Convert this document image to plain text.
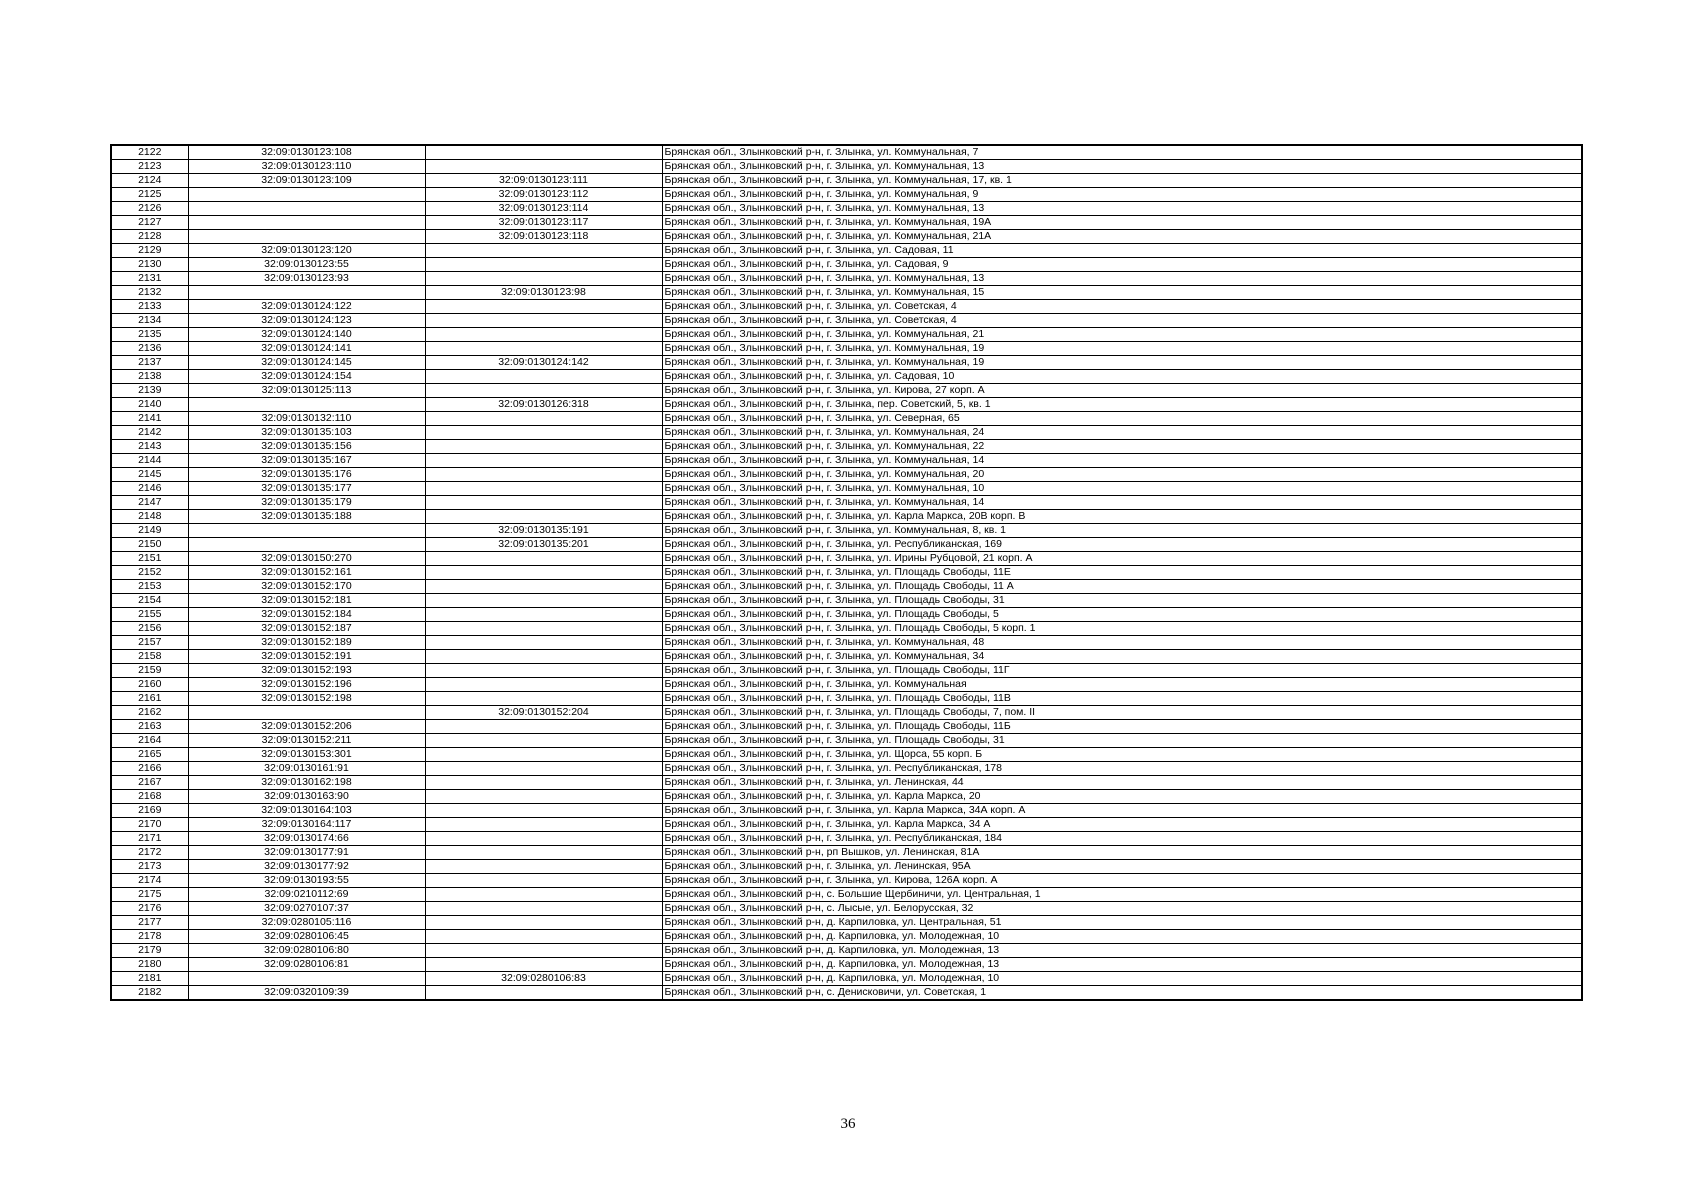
2122	32:09:0130123:108		Брянская обл., Злынковский р-н, г. Злынка, ул. Коммунальная, 7
2123	32:09:0130123:110		Брянская обл., Злынковский р-н, г. Злынка, ул. Коммунальная, 13
2124	32:09:0130123:109	32:09:0130123:111	Брянская обл., Злынковский р-н, г. Злынка, ул. Коммунальная, 17, кв. 1
2125		32:09:0130123:112	Брянская обл., Злынковский р-н, г. Злынка, ул. Коммунальная, 9
2126		32:09:0130123:114	Брянская обл., Злынковский р-н, г. Злынка, ул. Коммунальная, 13
2127		32:09:0130123:117	Брянская обл., Злынковский р-н, г. Злынка, ул. Коммунальная, 19А
2128		32:09:0130123:118	Брянская обл., Злынковский р-н, г. Злынка, ул. Коммунальная, 21А
2129	32:09:0130123:120		Брянская обл., Злынковский р-н, г. Злынка, ул. Садовая, 11
2130	32:09:0130123:55		Брянская обл., Злынковский р-н, г. Злынка, ул. Садовая, 9
2131	32:09:0130123:93		Брянская обл., Злынковский р-н, г. Злынка, ул. Коммунальная, 13
2132		32:09:0130123:98	Брянская обл., Злынковский р-н, г. Злынка, ул. Коммунальная, 15
2133	32:09:0130124:122		Брянская обл., Злынковский р-н, г. Злынка, ул. Советская, 4
2134	32:09:0130124:123		Брянская обл., Злынковский р-н, г. Злынка, ул. Советская, 4
2135	32:09:0130124:140		Брянская обл., Злынковский р-н, г. Злынка, ул. Коммунальная, 21
2136	32:09:0130124:141		Брянская обл., Злынковский р-н, г. Злынка, ул. Коммунальная, 19
2137	32:09:0130124:145	32:09:0130124:142	Брянская обл., Злынковский р-н, г. Злынка, ул. Коммунальная, 19
2138	32:09:0130124:154		Брянская обл., Злынковский р-н, г. Злынка, ул. Садовая, 10
2139	32:09:0130125:113		Брянская обл., Злынковский р-н, г. Злынка, ул. Кирова, 27 корп. А
2140		32:09:0130126:318	Брянская обл., Злынковский р-н, г. Злынка, пер. Советский, 5, кв. 1
2141	32:09:0130132:110		Брянская обл., Злынковский р-н, г. Злынка, ул. Северная, 65
2142	32:09:0130135:103		Брянская обл., Злынковский р-н, г. Злынка, ул. Коммунальная, 24
2143	32:09:0130135:156		Брянская обл., Злынковский р-н, г. Злынка, ул. Коммунальная, 22
2144	32:09:0130135:167		Брянская обл., Злынковский р-н, г. Злынка, ул. Коммунальная, 14
2145	32:09:0130135:176		Брянская обл., Злынковский р-н, г. Злынка, ул. Коммунальная, 20
2146	32:09:0130135:177		Брянская обл., Злынковский р-н, г. Злынка, ул. Коммунальная, 10
2147	32:09:0130135:179		Брянская обл., Злынковский р-н, г. Злынка, ул. Коммунальная, 14
2148	32:09:0130135:188		Брянская обл., Злынковский р-н, г. Злынка, ул. Карла Маркса, 20В корп. В
2149		32:09:0130135:191	Брянская обл., Злынковский р-н, г. Злынка, ул. Коммунальная, 8, кв. 1
2150		32:09:0130135:201	Брянская обл., Злынковский р-н, г. Злынка, ул. Республиканская, 169
2151	32:09:0130150:270		Брянская обл., Злынковский р-н, г. Злынка, ул. Ирины Рубцовой, 21 корп. А
2152	32:09:0130152:161		Брянская обл., Злынковский р-н, г. Злынка, ул. Площадь Свободы, 11Е
2153	32:09:0130152:170		Брянская обл., Злынковский р-н, г. Злынка, ул. Площадь Свободы, 11 А
2154	32:09:0130152:181		Брянская обл., Злынковский р-н, г. Злынка, ул. Площадь Свободы, 31
2155	32:09:0130152:184		Брянская обл., Злынковский р-н, г. Злынка, ул. Площадь Свободы, 5
2156	32:09:0130152:187		Брянская обл., Злынковский р-н, г. Злынка, ул. Площадь Свободы, 5 корп. 1
2157	32:09:0130152:189		Брянская обл., Злынковский р-н, г. Злынка, ул. Коммунальная, 48
2158	32:09:0130152:191		Брянская обл., Злынковский р-н, г. Злынка, ул. Коммунальная, 34
2159	32:09:0130152:193		Брянская обл., Злынковский р-н, г. Злынка, ул. Площадь Свободы, 11Г
2160	32:09:0130152:196		Брянская обл., Злынковский р-н, г. Злынка, ул. Коммунальная
2161	32:09:0130152:198		Брянская обл., Злынковский р-н, г. Злынка, ул. Площадь Свободы, 11В
2162		32:09:0130152:204	Брянская обл., Злынковский р-н, г. Злынка, ул. Площадь Свободы, 7, пом. II
2163	32:09:0130152:206		Брянская обл., Злынковский р-н, г. Злынка, ул. Площадь Свободы, 11Б
2164	32:09:0130152:211		Брянская обл., Злынковский р-н, г. Злынка, ул. Площадь Свободы, 31
2165	32:09:0130153:301		Брянская обл., Злынковский р-н, г. Злынка, ул. Щорса, 55 корп. Б
2166	32:09:0130161:91		Брянская обл., Злынковский р-н, г. Злынка, ул. Республиканская, 178
2167	32:09:0130162:198		Брянская обл., Злынковский р-н, г. Злынка, ул. Ленинская, 44
2168	32:09:0130163:90		Брянская обл., Злынковский р-н, г. Злынка, ул. Карла Маркса, 20
2169	32:09:0130164:103		Брянская обл., Злынковский р-н, г. Злынка, ул. Карла Маркса, 34А корп. А
2170	32:09:0130164:117		Брянская обл., Злынковский р-н, г. Злынка, ул. Карла Маркса, 34 А
2171	32:09:0130174:66		Брянская обл., Злынковский р-н, г. Злынка, ул. Республиканская, 184
2172	32:09:0130177:91		Брянская обл., Злынковский р-н, рп Вышков, ул. Ленинская, 81А
2173	32:09:0130177:92		Брянская обл., Злынковский р-н, г. Злынка, ул. Ленинская, 95А
2174	32:09:0130193:55		Брянская обл., Злынковский р-н, г. Злынка, ул. Кирова, 126А корп. А
2175	32:09:0210112:69		Брянская обл., Злынковский р-н, с. Большие Щербиничи, ул. Центральная, 1
2176	32:09:0270107:37		Брянская обл., Злынковский р-н, с. Лысые, ул. Белорусская, 32
2177	32:09:0280105:116		Брянская обл., Злынковский р-н, д. Карпиловка, ул. Центральная, 51
2178	32:09:0280106:45		Брянская обл., Злынковский р-н, д. Карпиловка, ул. Молодежная, 10
2179	32:09:0280106:80		Брянская обл., Злынковский р-н, д. Карпиловка, ул. Молодежная, 13
2180	32:09:0280106:81		Брянская обл., Злынковский р-н, д. Карпиловка, ул. Молодежная, 13
2181		32:09:0280106:83	Брянская обл., Злынковский р-н, д. Карпиловка, ул. Молодежная, 10
2182	32:09:0320109:39		Брянская обл., Злынковский р-н, с. Денисковичи, ул. Советская, 1
36
